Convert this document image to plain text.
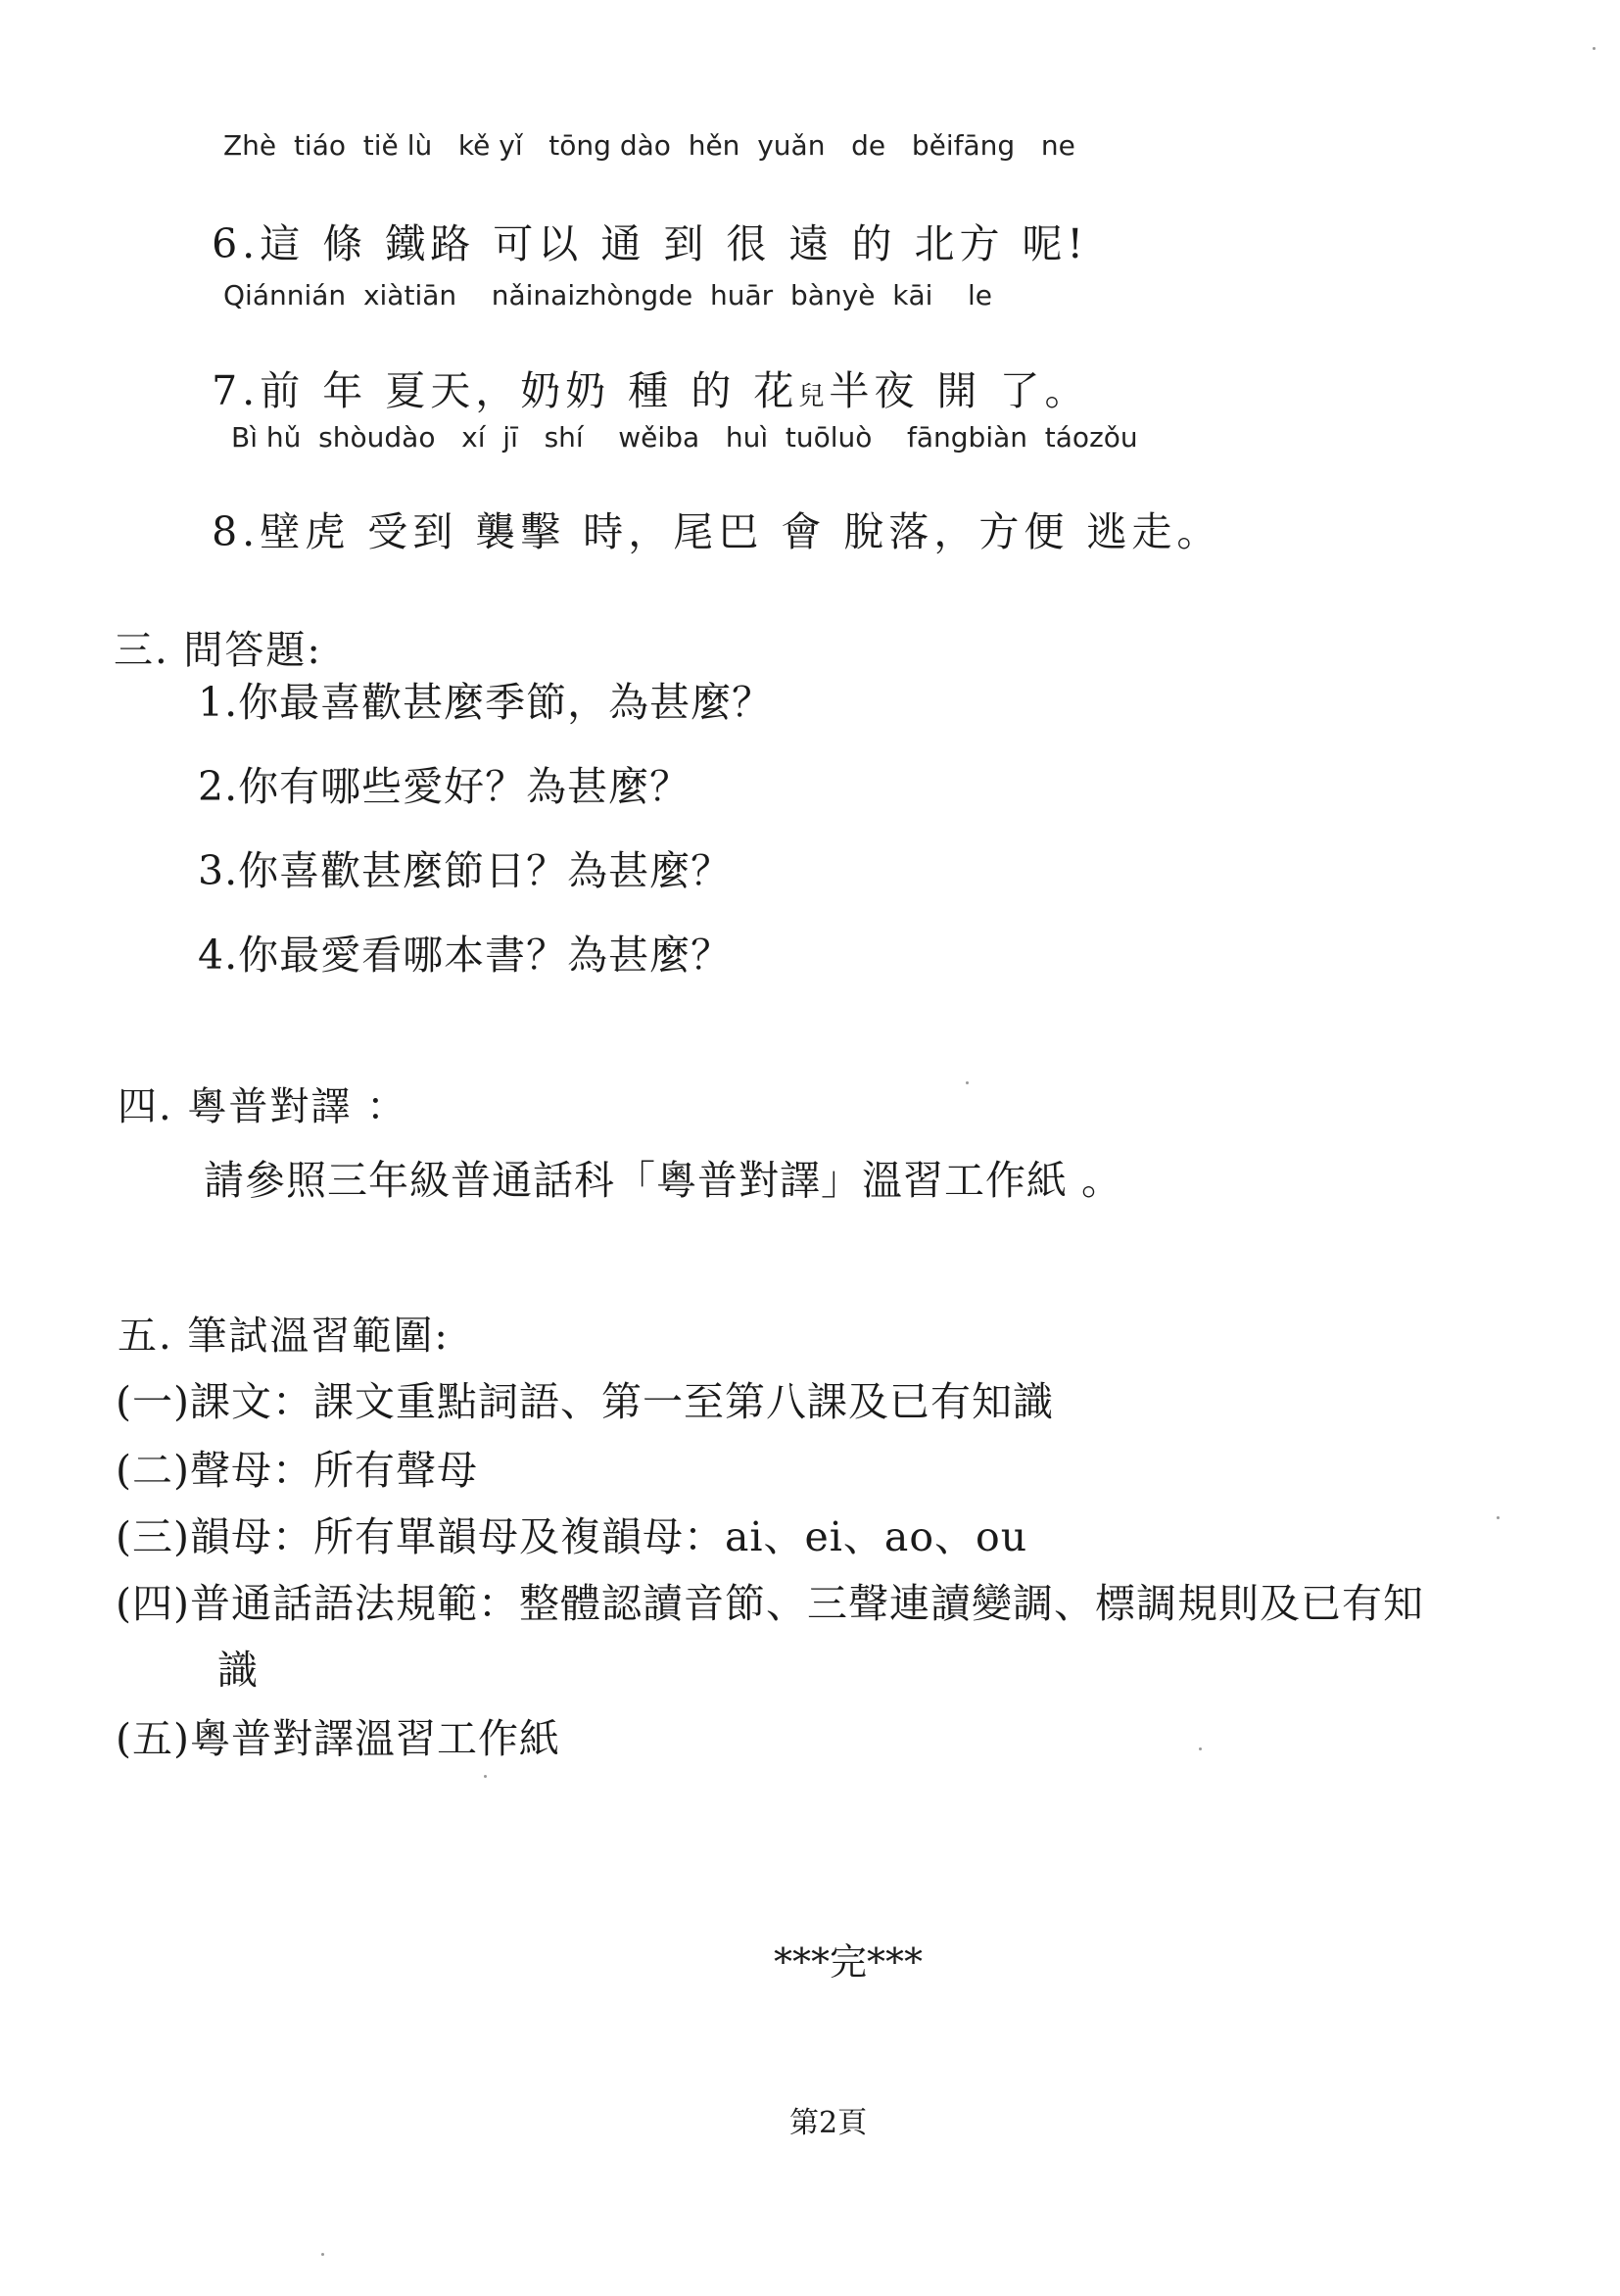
Zhè  tiáo  tiě lù   kě yǐ   tōng dào  hěn  yuǎn   de   běifāng   ne

6.這 條 鐵路 可以 通 到 很 遠 的 北方 呢!

Qiánnián  xiàtiān    nǎinaizhòngde  huār  bànyè  kāi    le

7.前 年 夏天，奶奶 種 的 花兒半夜 開 了。

Bì hǔ  shòudào   xí  jī   shí    wěiba   huì  tuōluò    fāngbiàn  táozǒu

8.壁虎 受到 襲擊 時，尾巴 會 脫落，方便 逃走。

三. 問答題:
1.你最喜歡甚麼季節，為甚麼？
2.你有哪些愛好？為甚麼？
3.你喜歡甚麼節日？為甚麼？
4.你最愛看哪本書？為甚麼？
四. 粵普對譯 ：
請參照三年級普通話科「粵普對譯」溫習工作紙 。
五. 筆試溫習範圍:
(一)課文：課文重點詞語、第一至第八課及已有知識
(二)聲母：所有聲母
(三)韻母：所有單韻母及複韻母：ai、ei、ao、ou
(四)普通話語法規範：整體認讀音節、三聲連讀變調、標調規則及已有知
識
(五)粵普對譯溫習工作紙
***完***
第2頁
